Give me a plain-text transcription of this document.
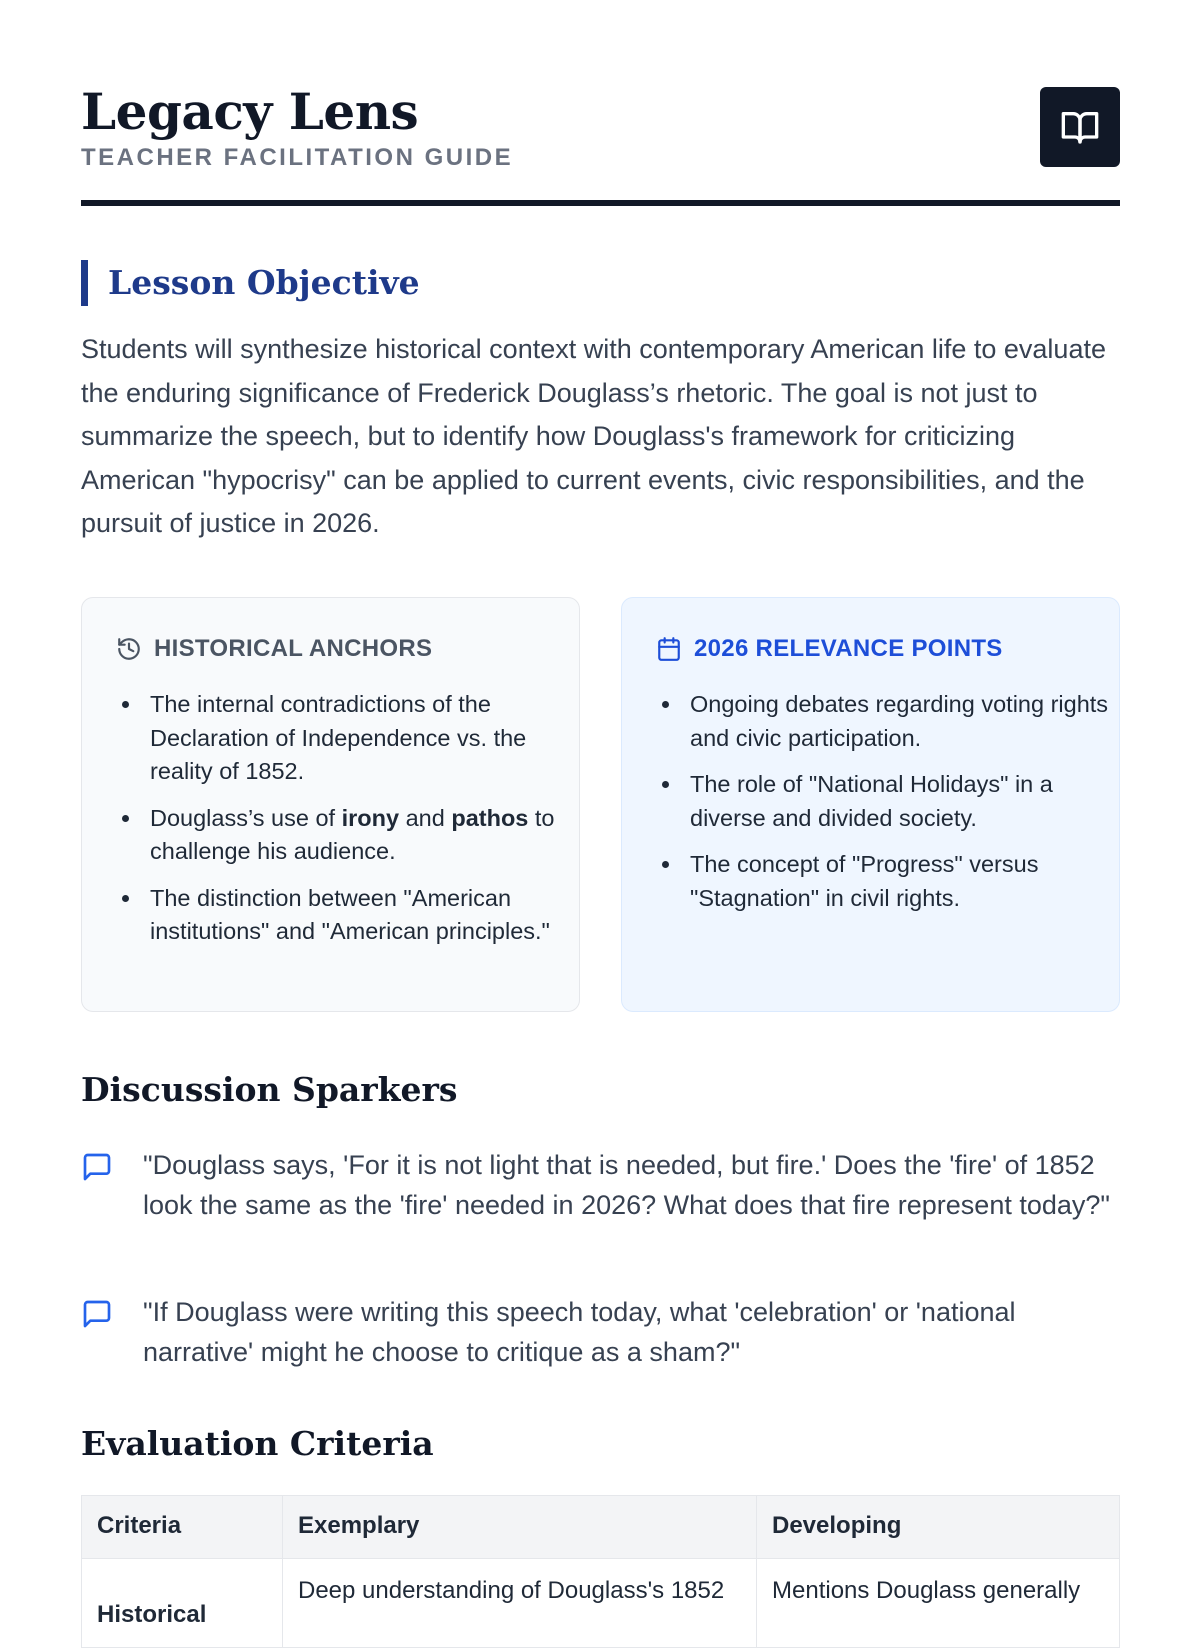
Legacy Lens
TEACHER FACILITATION GUIDE
Lesson Objective
Students will synthesize historical context with contemporary American life to evaluate the enduring significance of Frederick Douglass’s rhetoric. The goal is not just to summarize the speech, but to identify how Douglass's framework for criticizing American "hypocrisy" can be applied to current events, civic responsibilities, and the pursuit of justice in 2026.
HISTORICAL ANCHORS
• The internal contradictions of the Declaration of Independence vs. the reality of 1852.
• Douglass’s use of irony and pathos to challenge his audience.
• The distinction between "American institutions" and "American principles."
2026 RELEVANCE POINTS
• Ongoing debates regarding voting rights and civic participation.
• The role of "National Holidays" in a diverse and divided society.
• The concept of "Progress" versus "Stagnation" in civil rights.
Discussion Sparkers
"Douglass says, 'For it is not light that is needed, but fire.' Does the 'fire' of 1852 look the same as the 'fire' needed in 2026? What does that fire represent today?"
"If Douglass were writing this speech today, what 'celebration' or 'national narrative' might he choose to critique as a sham?"
Evaluation Criteria
Criteria	Exemplary	Developing
Historical	Deep understanding of Douglass's 1852	Mentions Douglass generally
